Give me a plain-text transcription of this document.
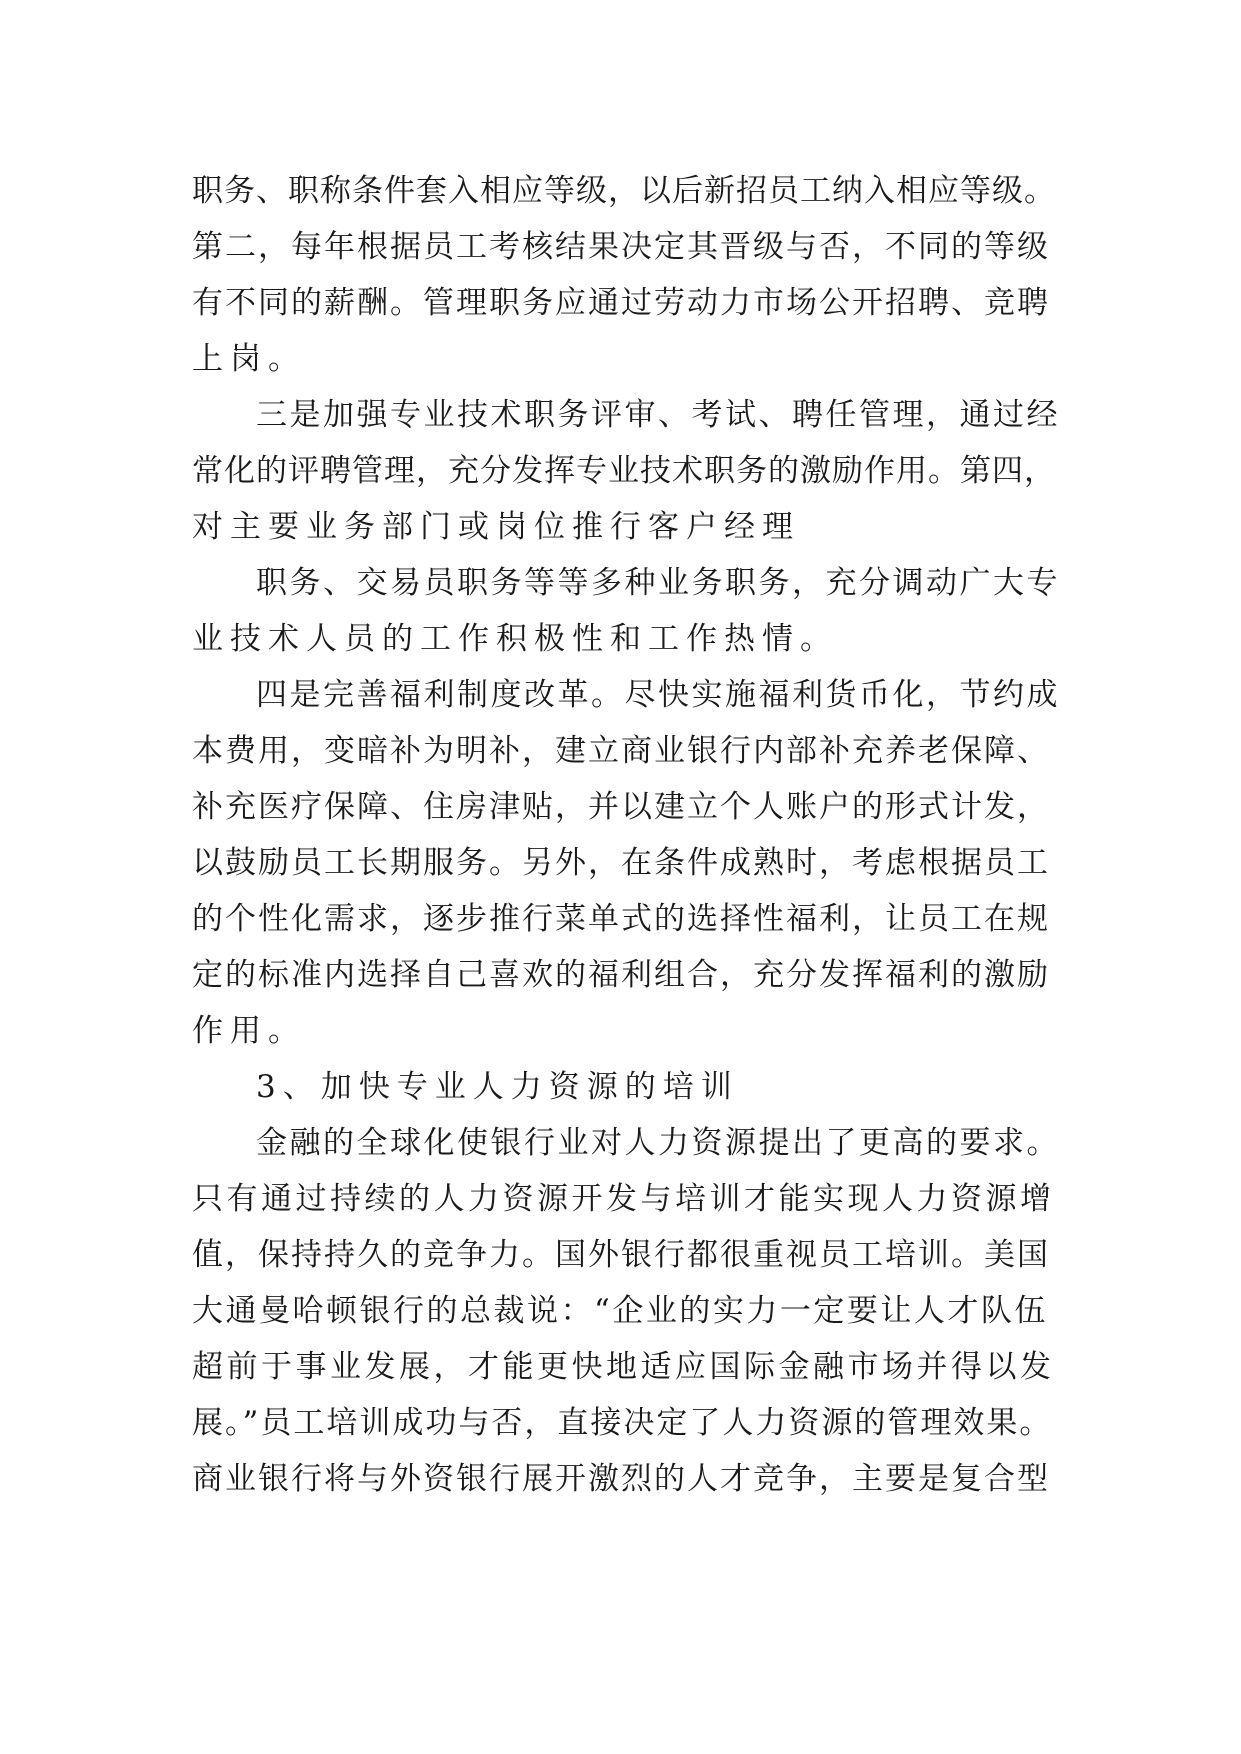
职务、职称条件套入相应等级，以后新招员工纳入相应等级。
第二，每年根据员工考核结果决定其晋级与否，不同的等级
有不同的薪酬。管理职务应通过劳动力市场公开招聘、竞聘
上岗。
三是加强专业技术职务评审、考试、聘任管理，通过经
常化的评聘管理，充分发挥专业技术职务的激励作用。第四，
对主要业务部门或岗位推行客户经理
职务、交易员职务等等多种业务职务，充分调动广大专
业技术人员的工作积极性和工作热情。
四是完善福利制度改革。尽快实施福利货币化，节约成
本费用，变暗补为明补，建立商业银行内部补充养老保障、
补充医疗保障、住房津贴，并以建立个人账户的形式计发，
以鼓励员工长期服务。另外，在条件成熟时，考虑根据员工
的个性化需求，逐步推行菜单式的选择性福利，让员工在规
定的标准内选择自己喜欢的福利组合，充分发挥福利的激励
作用。
3、加快专业人力资源的培训
金融的全球化使银行业对人力资源提出了更高的要求。
只有通过持续的人力资源开发与培训才能实现人力资源增
值，保持持久的竞争力。国外银行都很重视员工培训。美国
大通曼哈顿银行的总裁说：“企业的实力一定要让人才队伍
超前于事业发展，才能更快地适应国际金融市场并得以发
展。”员工培训成功与否，直接决定了人力资源的管理效果。
商业银行将与外资银行展开激烈的人才竞争，主要是复合型
